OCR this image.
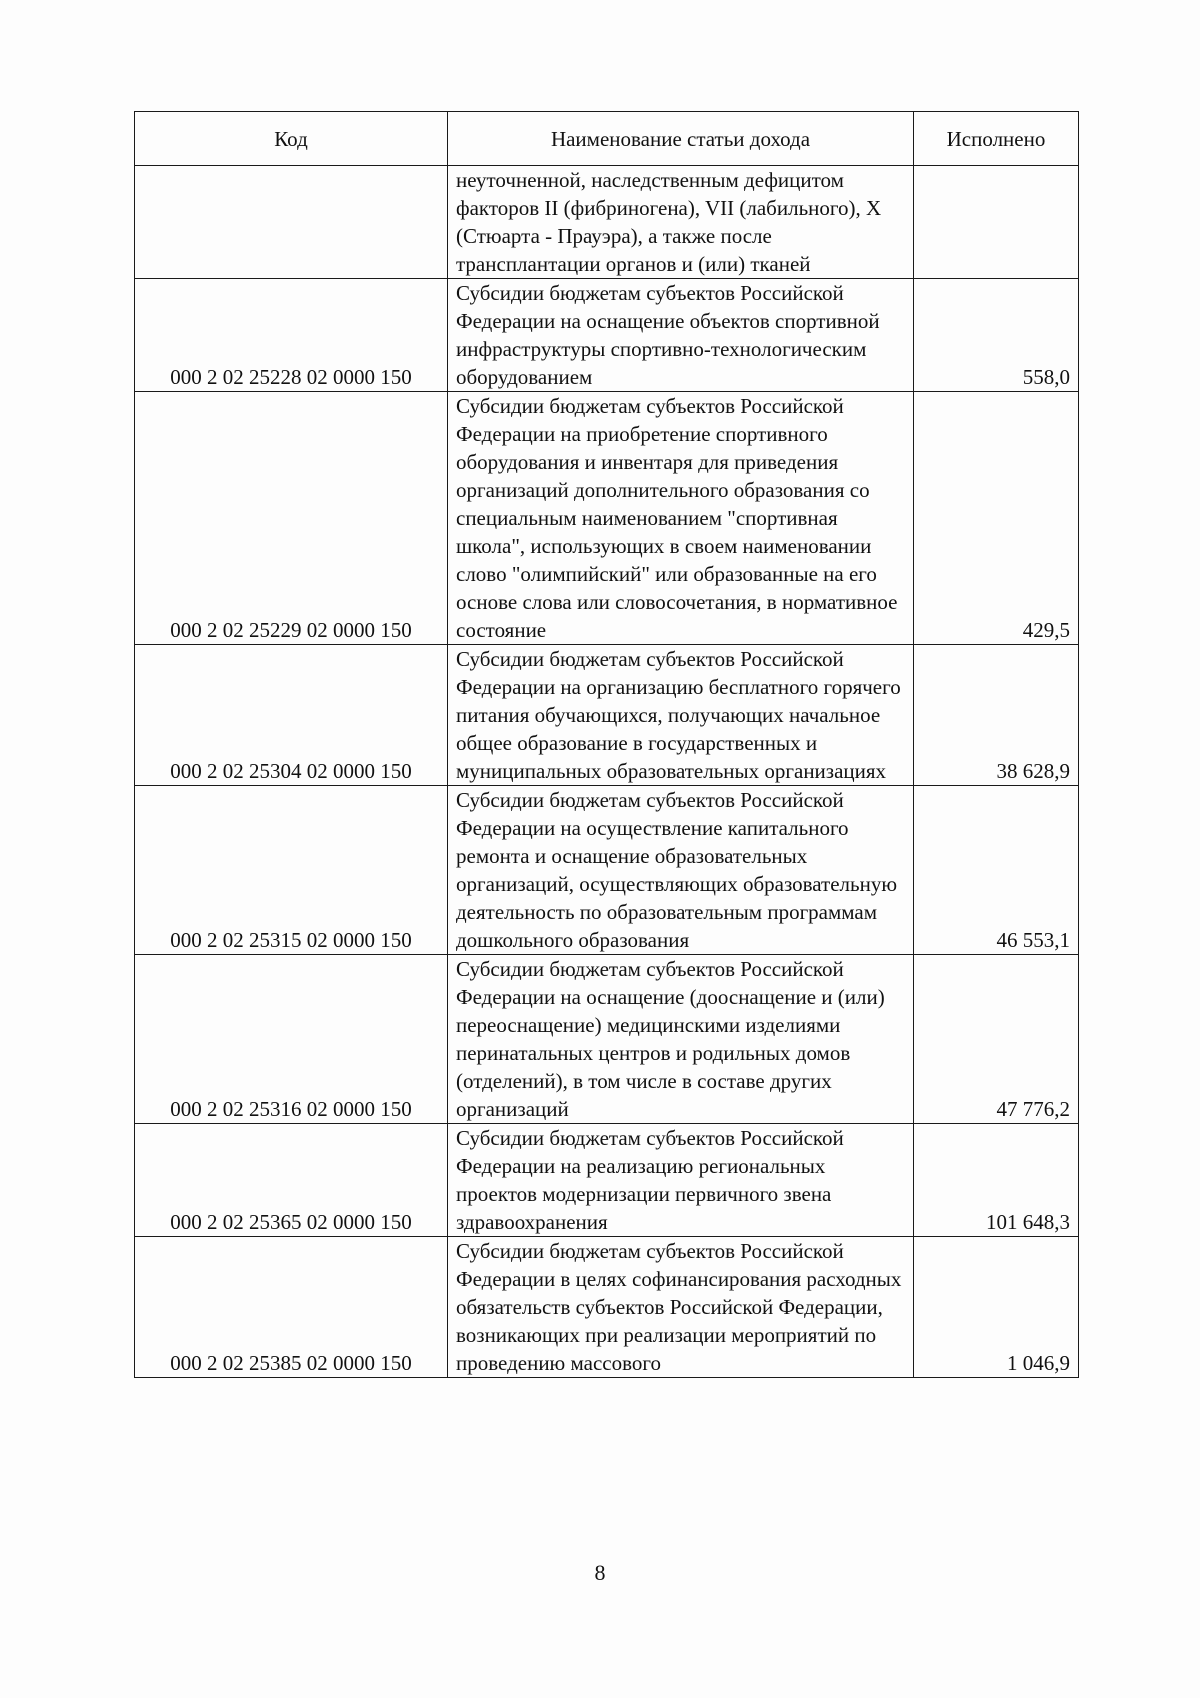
Код	Наименование статьи дохода	Исполнено
	неуточненной, наследственным дефицитом факторов II (фибриногена), VII (лабильного), X (Стюарта - Прауэра), а также после трансплантации органов и (или) тканей	
000 2 02 25228 02 0000 150	Субсидии бюджетам субъектов Российской Федерации на оснащение объектов спортивной инфраструктуры спортивно-технологическим оборудованием	558,0
000 2 02 25229 02 0000 150	Субсидии бюджетам субъектов Российской Федерации на приобретение спортивного оборудования и инвентаря для приведения организаций дополнительного образования со специальным наименованием "спортивная школа", использующих в своем наименовании слово "олимпийский" или образованные на его основе слова или словосочетания, в нормативное состояние	429,5
000 2 02 25304 02 0000 150	Субсидии бюджетам субъектов Российской Федерации на организацию бесплатного горячего питания обучающихся, получающих начальное общее образование в государственных и муниципальных образовательных организациях	38 628,9
000 2 02 25315 02 0000 150	Субсидии бюджетам субъектов Российской Федерации на осуществление капитального ремонта и оснащение образовательных организаций, осуществляющих образовательную деятельность по образовательным программам дошкольного образования	46 553,1
000 2 02 25316 02 0000 150	Субсидии бюджетам субъектов Российской Федерации на оснащение (дооснащение и (или) переоснащение) медицинскими изделиями перинатальных центров и родильных домов (отделений), в том числе в составе других организаций	47 776,2
000 2 02 25365 02 0000 150	Субсидии бюджетам субъектов Российской Федерации на реализацию региональных проектов модернизации первичного звена здравоохранения	101 648,3
000 2 02 25385 02 0000 150	Субсидии бюджетам субъектов Российской Федерации в целях софинансирования расходных обязательств субъектов Российской Федерации, возникающих при реализации мероприятий по проведению массового	1 046,9
8
